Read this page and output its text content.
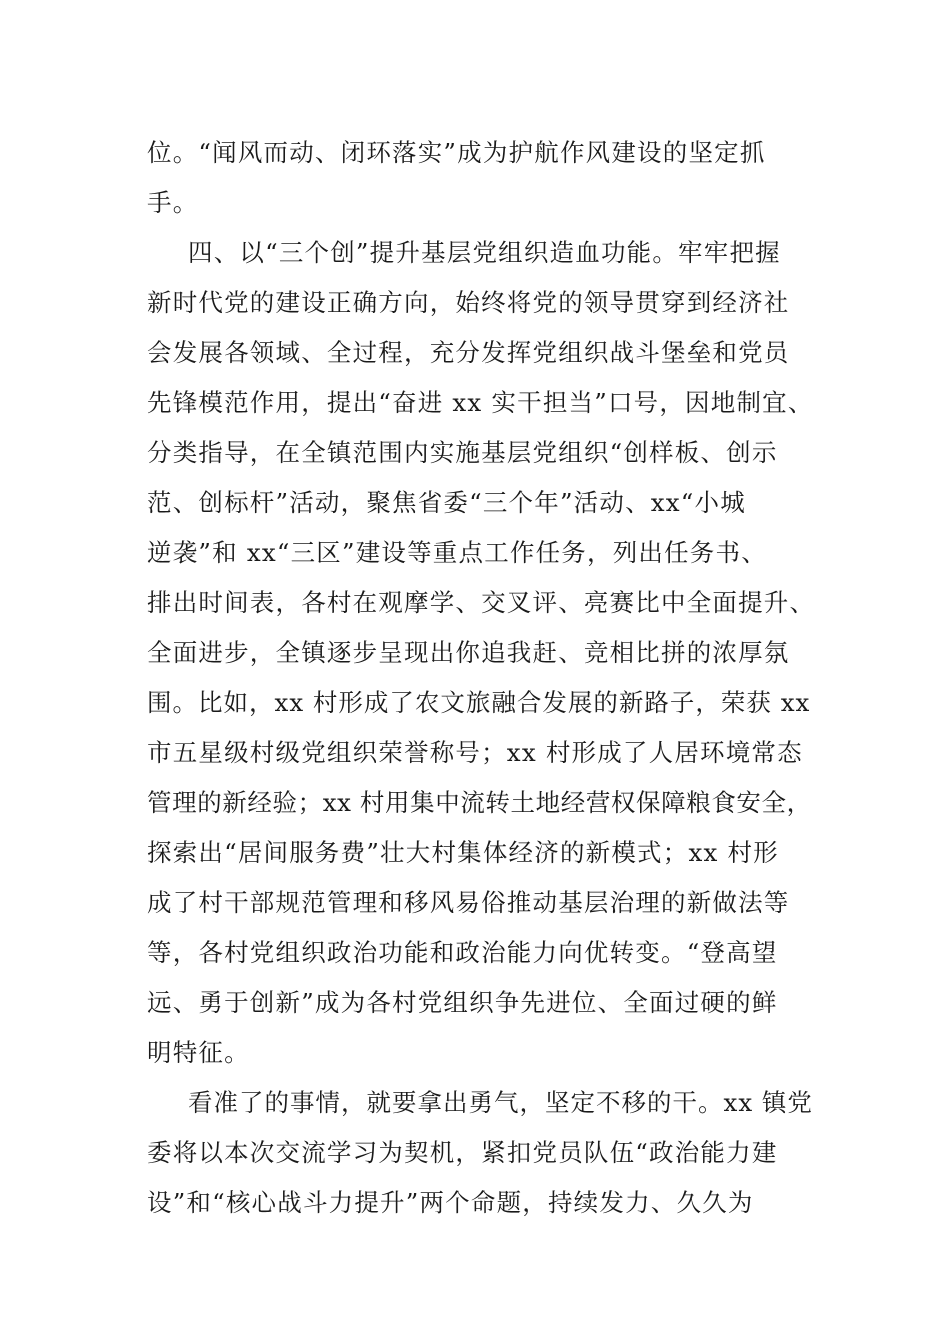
位。“闻风而动、闭环落实”成为护航作风建设的坚定抓
手。
四、以“三个创”提升基层党组织造血功能。牢牢把握
新时代党的建设正确方向，始终将党的领导贯穿到经济社
会发展各领域、全过程，充分发挥党组织战斗堡垒和党员
先锋模范作用，提出“奋进 xx 实干担当”口号，因地制宜、
分类指导，在全镇范围内实施基层党组织“创样板、创示
范、创标杆”活动，聚焦省委“三个年”活动、xx“小城
逆袭”和 xx“三区”建设等重点工作任务，列出任务书、
排出时间表，各村在观摩学、交叉评、亮赛比中全面提升、
全面进步，全镇逐步呈现出你追我赶、竞相比拼的浓厚氛
围。比如，xx 村形成了农文旅融合发展的新路子，荣获 xx
市五星级村级党组织荣誉称号；xx 村形成了人居环境常态
管理的新经验；xx 村用集中流转土地经营权保障粮食安全，
探索出“居间服务费”壮大村集体经济的新模式；xx 村形
成了村干部规范管理和移风易俗推动基层治理的新做法等
等，各村党组织政治功能和政治能力向优转变。“登高望
远、勇于创新”成为各村党组织争先进位、全面过硬的鲜
明特征。
看准了的事情，就要拿出勇气，坚定不移的干。xx 镇党
委将以本次交流学习为契机，紧扣党员队伍“政治能力建
设”和“核心战斗力提升”两个命题，持续发力、久久为
